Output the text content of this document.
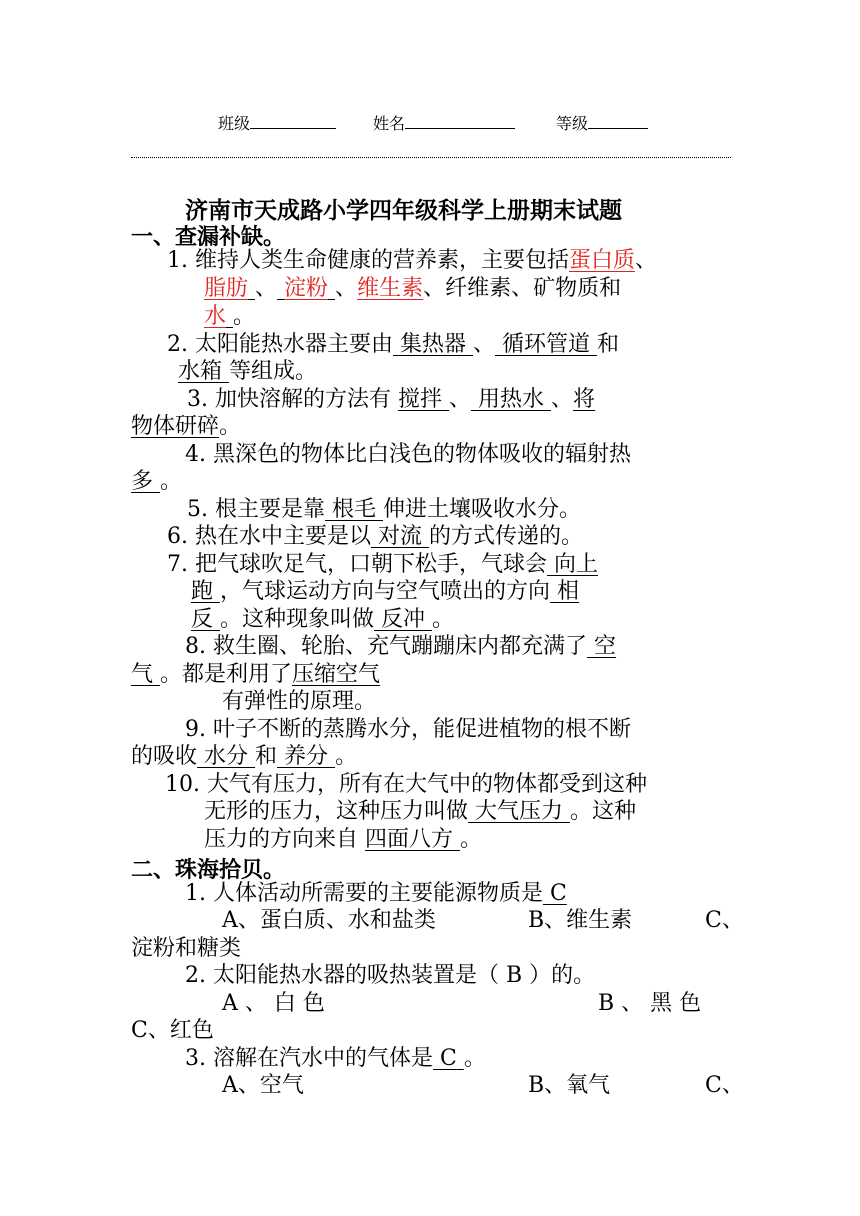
班级	姓名	等级
济南市天成路小学四年级科学上册期末试题
一、查漏补缺。
1. 维持人类生命健康的营养素，主要包括蛋白质、
脂肪 、 淀粉 、维生素、纤维素、矿物质和
水 。
2. 太阳能热水器主要由 集热器 、 循环管道 和
水箱 等组成。
3. 加快溶解的方法有 搅拌 、 用热水 、将
物体研碎。
4. 黑深色的物体比白浅色的物体吸收的辐射热
多 。
5. 根主要是靠 根毛 伸进土壤吸收水分。
6. 热在水中主要是以 对流 的方式传递的。
7. 把气球吹足气，口朝下松手，气球会 向上
跑 ，气球运动方向与空气喷出的方向 相
反 。这种现象叫做 反冲 。
8. 救生圈、轮胎、充气蹦蹦床内都充满了 空
气 。都是利用了压缩空气
有弹性的原理。
9. 叶子不断的蒸腾水分，能促进植物的根不断
的吸收 水分 和 养分 。
10. 大气有压力，所有在大气中的物体都受到这种
无形的压力，这种压力叫做 大气压力 。这种
压力的方向来自 四面八方 。
二、珠海拾贝。
1. 人体活动所需要的主要能源物质是 C
A、蛋白质、水和盐类	B、维生素	C、
淀粉和糖类
2. 太阳能热水器的吸热装置是（ B ）的。
A 、 白 色	B 、 黑 色
C、红色
3. 溶解在汽水中的气体是 C 。
A、空气	B、氧气	C、
